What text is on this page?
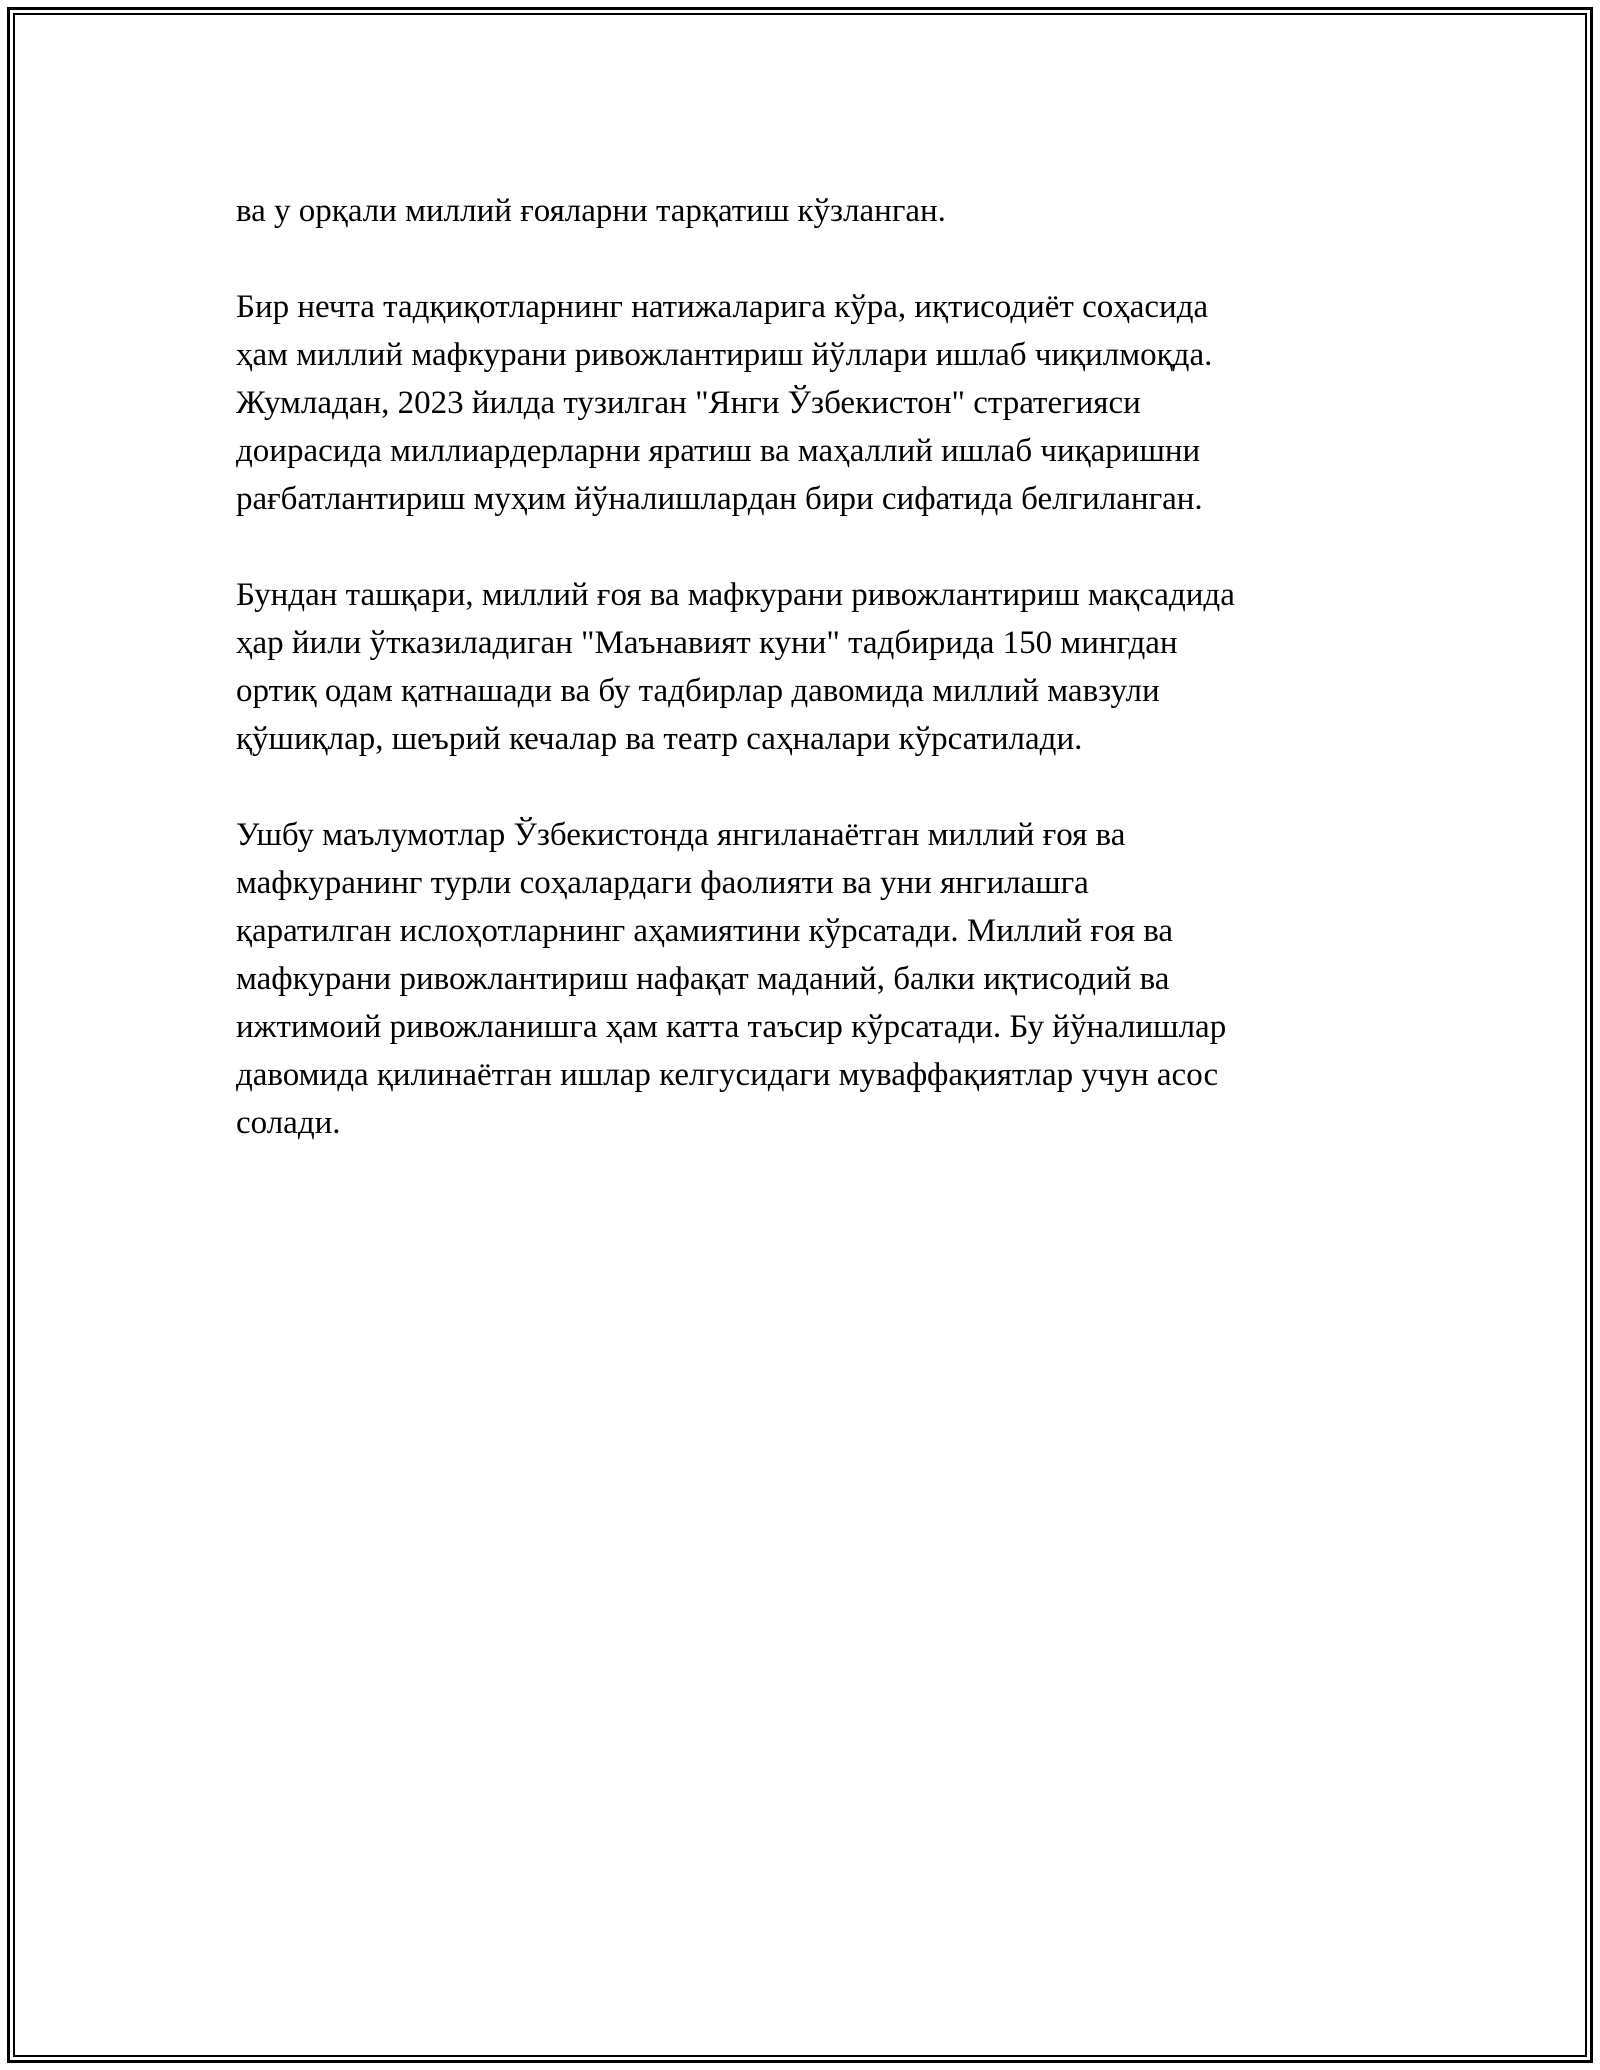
ва у орқали миллий ғояларни тарқатиш кўзланган.

Бир нечта тадқиқотларнинг натижаларига кўра, иқтисодиёт соҳасида
ҳам миллий мафкурани ривожлантириш йўллари ишлаб чиқилмоқда.
Жумладан, 2023 йилда тузилган "Янги Ўзбекистон" стратегияси
доирасида миллиардерларни яратиш ва маҳаллий ишлаб чиқаришни
рағбатлантириш муҳим йўналишлардан бири сифатида белгиланган.

Бундан ташқари, миллий ғоя ва мафкурани ривожлантириш мақсадида
ҳар йили ўтказиладиган "Маънавият куни" тадбирида 150 мингдан
ортиқ одам қатнашади ва бу тадбирлар давомида миллий мавзули
қўшиқлар, шеърий кечалар ва театр саҳналари кўрсатилади.

Ушбу маълумотлар Ўзбекистонда янгиланаётган миллий ғоя ва
мафкуранинг турли соҳалардаги фаолияти ва уни янгилашга
қаратилган ислоҳотларнинг аҳамиятини кўрсатади. Миллий ғоя ва
мафкурани ривожлантириш нафақат маданий, балки иқтисодий ва
ижтимоий ривожланишга ҳам катта таъсир кўрсатади. Бу йўналишлар
давомида қилинаётган ишлар келгусидаги муваффақиятлар учун асос
солади.
